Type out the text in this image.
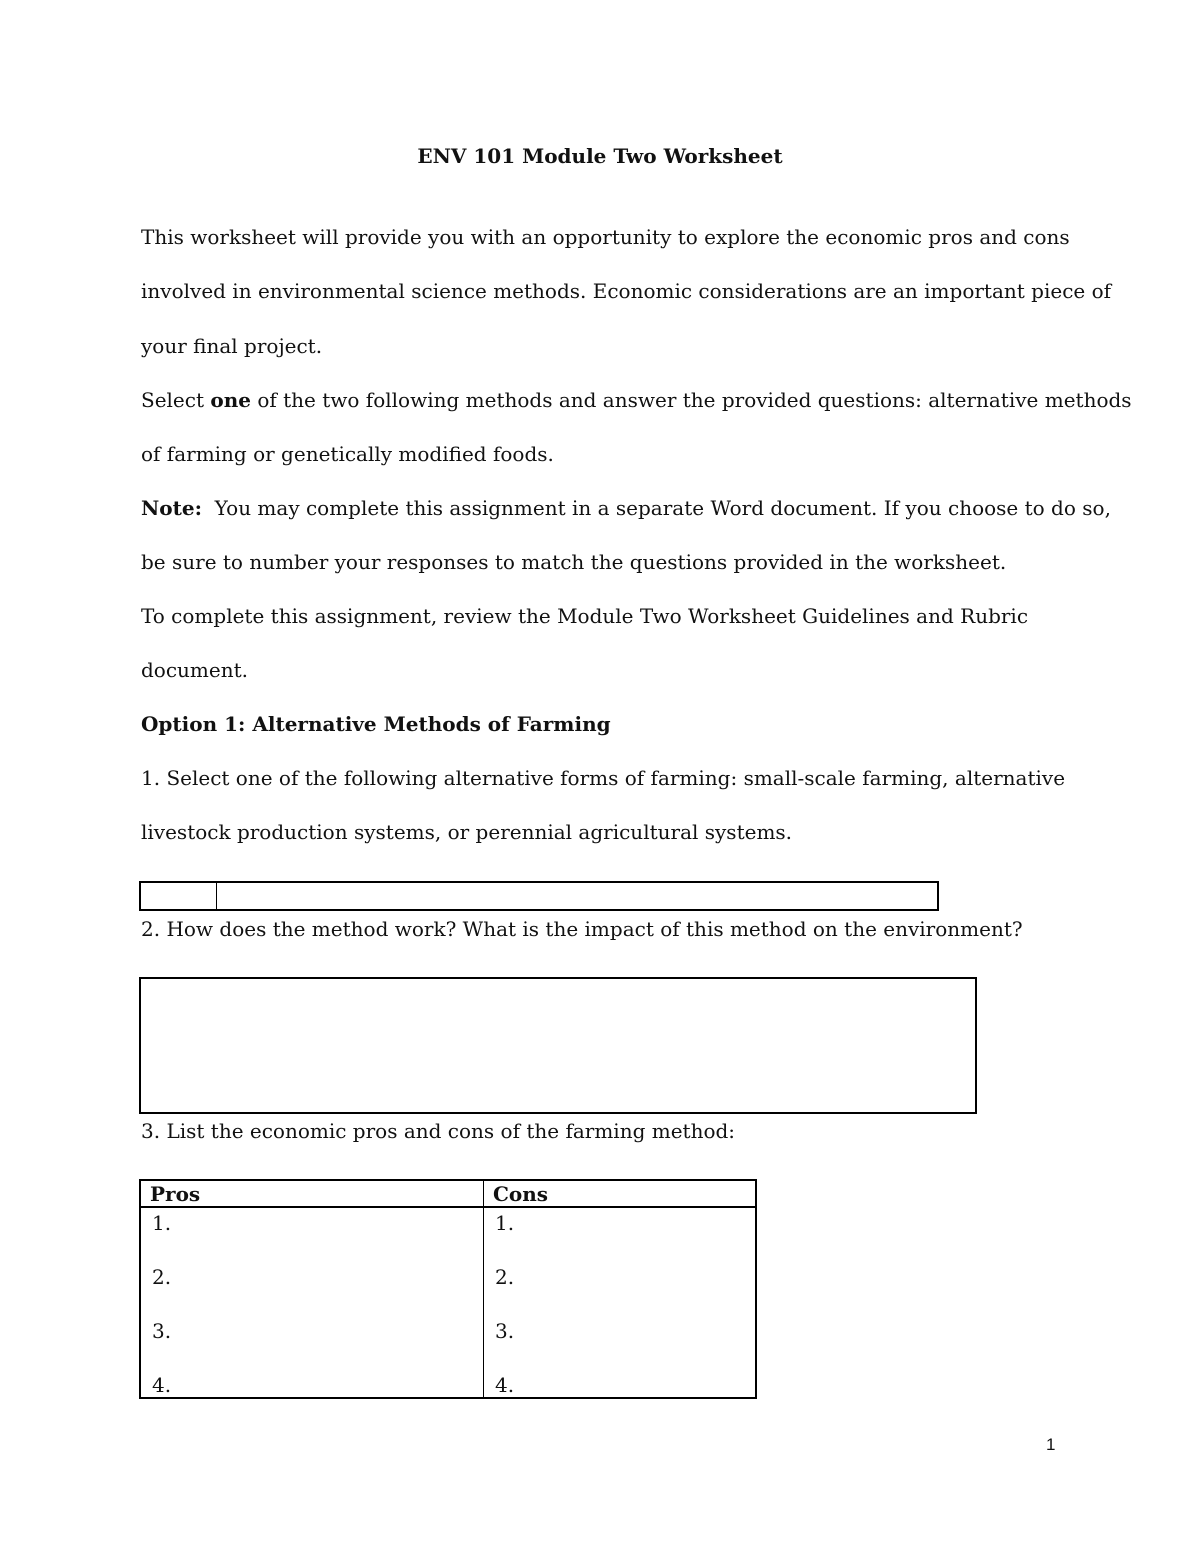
ENV 101 Module Two Worksheet
This worksheet will provide you with an opportunity to explore the economic pros and cons
involved in environmental science methods. Economic considerations are an important piece of
your final project.
Select one of the two following methods and answer the provided questions: alternative methods
of farming or genetically modified foods.
Note:  You may complete this assignment in a separate Word document. If you choose to do so,
be sure to number your responses to match the questions provided in the worksheet.
To complete this assignment, review the Module Two Worksheet Guidelines and Rubric
document.
Option 1: Alternative Methods of Farming
1. Select one of the following alternative forms of farming: small-scale farming, alternative
livestock production systems, or perennial agricultural systems.
2. How does the method work? What is the impact of this method on the environment?
3. List the economic pros and cons of the farming method:
Pros
1.
2.
3.
4.
Cons
1.
2.
3.
4.
1
